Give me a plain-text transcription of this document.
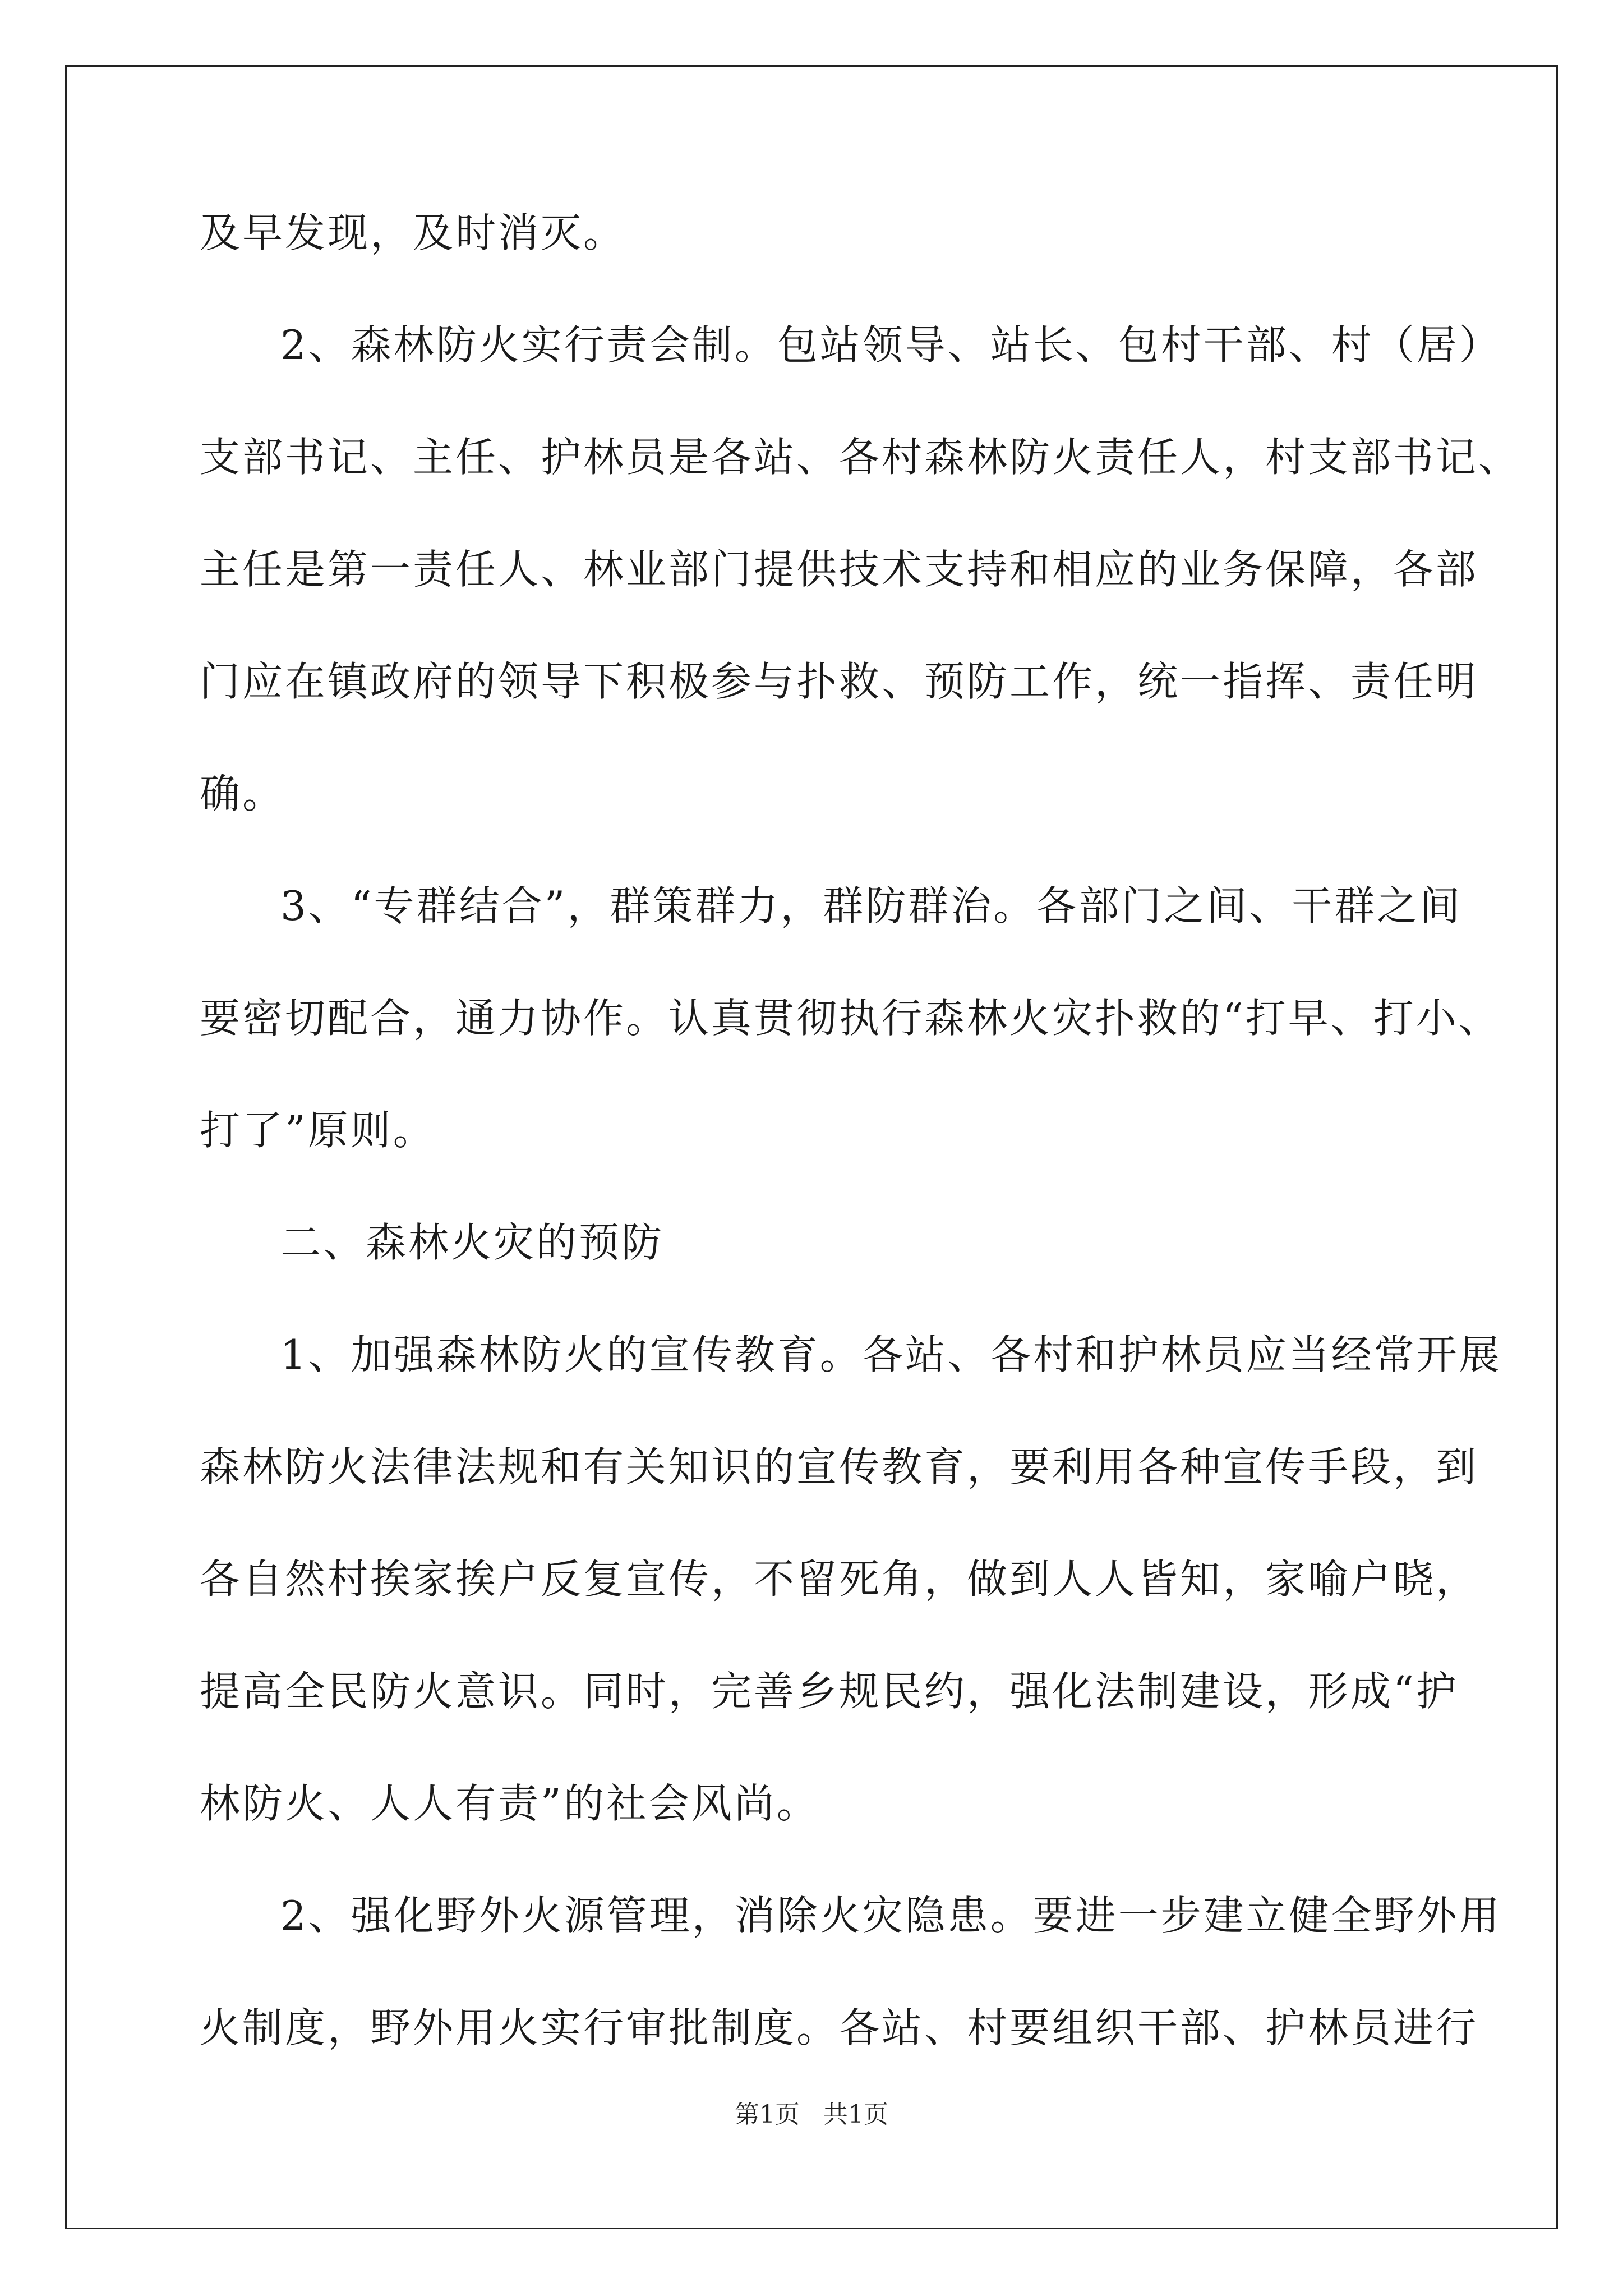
及早发现，及时消灭。
2、森林防火实行责会制。包站领导、站长、包村干部、村（居）
支部书记、主任、护林员是各站、各村森林防火责任人，村支部书记、
主任是第一责任人、林业部门提供技术支持和相应的业务保障，各部
门应在镇政府的领导下积极参与扑救、预防工作，统一指挥、责任明
确。
3、“专群结合”，群策群力，群防群治。各部门之间、干群之间
要密切配合，通力协作。认真贯彻执行森林火灾扑救的“打早、打小、
打了”原则。
二、森林火灾的预防
1、加强森林防火的宣传教育。各站、各村和护林员应当经常开展
森林防火法律法规和有关知识的宣传教育，要利用各种宣传手段，到
各自然村挨家挨户反复宣传，不留死角，做到人人皆知，家喻户晓，
提高全民防火意识。同时，完善乡规民约，强化法制建设，形成“护
林防火、人人有责”的社会风尚。
2、强化野外火源管理，消除火灾隐患。要进一步建立健全野外用
火制度，野外用火实行审批制度。各站、村要组织干部、护林员进行
第1页 共1页
